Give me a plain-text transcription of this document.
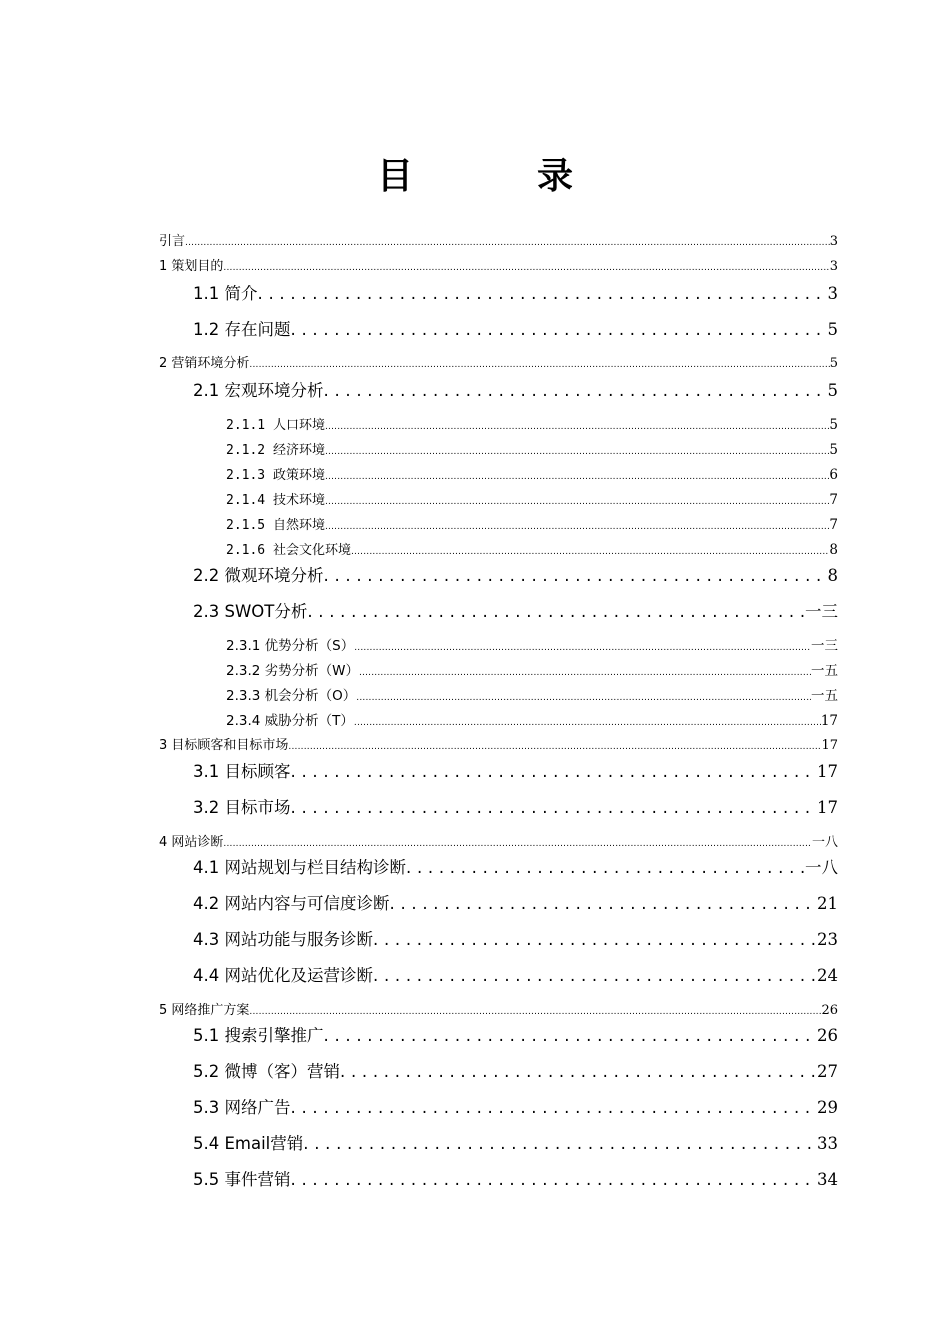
目　录
引言 .....	3
1 策划目的 .....	3
1.1 简介 .....	3
1.2 存在问题 .....	5
2 营销环境分析 .....	5
2.1 宏观环境分析 .....	5
2.1.1 人口环境 .....	5
2.1.2 经济环境 .....	5
2.1.3 政策环境 .....	6
2.1.4 技术环境 .....	7
2.1.5 自然环境 .....	7
2.1.6 社会文化环境 .....	8
2.2 微观环境分析 .....	8
2.3 SWOT分析 .....	一三
2.3.1 优势分析（S） .....	一三
2.3.2 劣势分析（W） .....	一五
2.3.3 机会分析（O） .....	一五
2.3.4 威胁分析（T） .....	17
3 目标顾客和目标市场 .....	17
3.1 目标顾客 .....	17
3.2 目标市场 .....	17
4 网站诊断 .....	一八
4.1 网站规划与栏目结构诊断 .....	一八
4.2 网站内容与可信度诊断 .....	21
4.3 网站功能与服务诊断 .....	23
4.4 网站优化及运营诊断 .....	24
5 网络推广方案 .....	26
5.1 搜索引擎推广 .....	26
5.2 微博（客）营销 .....	27
5.3 网络广告 .....	29
5.4 Email营销 .....	33
5.5 事件营销 .....	34
